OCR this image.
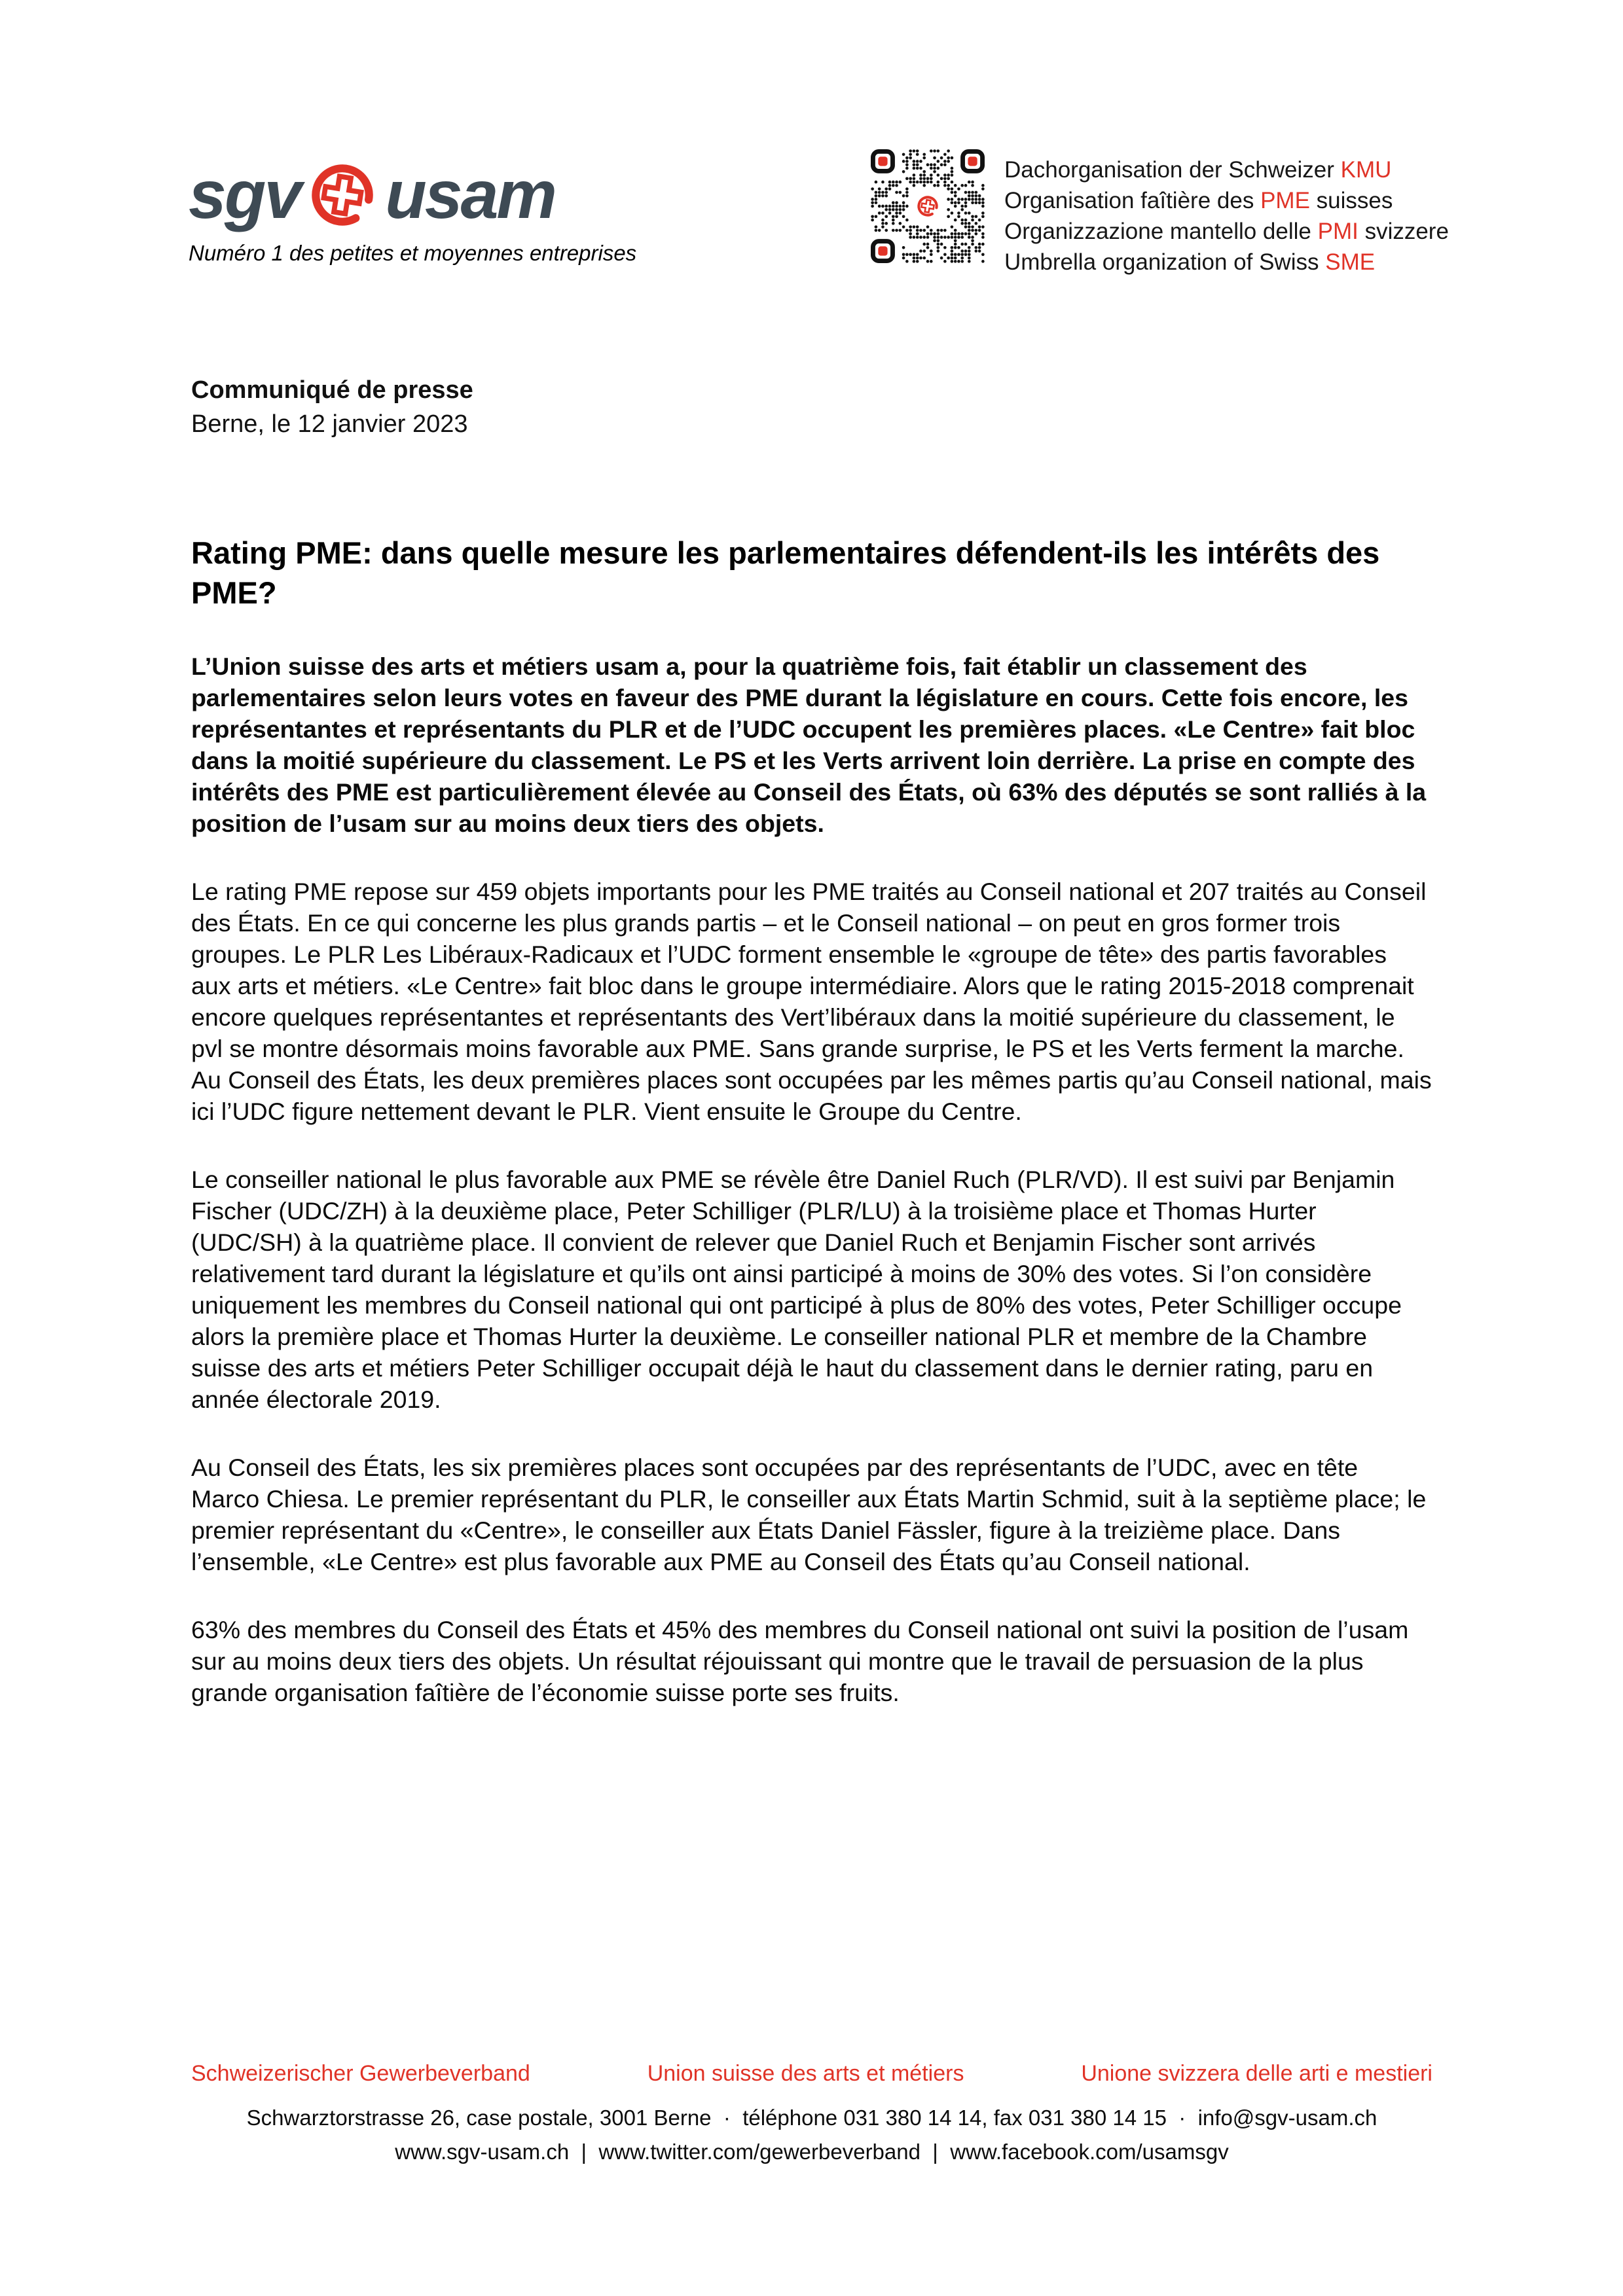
sgv usam
Numéro 1 des petites et moyennes entreprises
Dachorganisation der Schweizer KMU
Organisation faîtière des PME suisses
Organizzazione mantello delle PMI svizzere
Umbrella organization of Swiss SME
Communiqué de presse
Berne, le 12 janvier 2023
Rating PME: dans quelle mesure les parlementaires défendent-ils les intérêts des PME?

L’Union suisse des arts et métiers usam a, pour la quatrième fois, fait établir un classement des parlementaires selon leurs votes en faveur des PME durant la législature en cours. Cette fois encore, les représentantes et représentants du PLR et de l’UDC occupent les premières places. «Le Centre» fait bloc dans la moitié supérieure du classement. Le PS et les Verts arrivent loin derrière. La prise en compte des intérêts des PME est particulièrement élevée au Conseil des États, où 63% des députés se sont ralliés à la position de l’usam sur au moins deux tiers des objets.

Le rating PME repose sur 459 objets importants pour les PME traités au Conseil national et 207 traités au Conseil des États. En ce qui concerne les plus grands partis – et le Conseil national – on peut en gros former trois groupes. Le PLR Les Libéraux-Radicaux et l’UDC forment ensemble le «groupe de tête» des partis favorables aux arts et métiers. «Le Centre» fait bloc dans le groupe intermédiaire. Alors que le rating 2015-2018 comprenait encore quelques représentantes et représentants des Vert’libéraux dans la moitié supérieure du classement, le pvl se montre désormais moins favorable aux PME. Sans grande surprise, le PS et les Verts ferment la marche. Au Conseil des États, les deux premières places sont occupées par les mêmes partis qu’au Conseil national, mais ici l’UDC figure nettement devant le PLR. Vient ensuite le Groupe du Centre.

Le conseiller national le plus favorable aux PME se révèle être Daniel Ruch (PLR/VD). Il est suivi par Benjamin Fischer (UDC/ZH) à la deuxième place, Peter Schilliger (PLR/LU) à la troisième place et Thomas Hurter (UDC/SH) à la quatrième place. Il convient de relever que Daniel Ruch et Benjamin Fischer sont arrivés relativement tard durant la législature et qu’ils ont ainsi participé à moins de 30% des votes. Si l’on considère uniquement les membres du Conseil national qui ont participé à plus de 80% des votes, Peter Schilliger occupe alors la première place et Thomas Hurter la deuxième. Le conseiller national PLR et membre de la Chambre suisse des arts et métiers Peter Schilliger occupait déjà le haut du classement dans le dernier rating, paru en année électorale 2019.

Au Conseil des États, les six premières places sont occupées par des représentants de l’UDC, avec en tête Marco Chiesa. Le premier représentant du PLR, le conseiller aux États Martin Schmid, suit à la septième place; le premier représentant du «Centre», le conseiller aux États Daniel Fässler, figure à la treizième place. Dans l’ensemble, «Le Centre» est plus favorable aux PME au Conseil des États qu’au Conseil national.

63% des membres du Conseil des États et 45% des membres du Conseil national ont suivi la position de l’usam sur au moins deux tiers des objets. Un résultat réjouissant qui montre que le travail de persuasion de la plus grande organisation faîtière de l’économie suisse porte ses fruits.

Schweizerischer Gewerbeverband	Union suisse des arts et métiers	Unione svizzera delle arti e mestieri
Schwarztorstrasse 26, case postale, 3001 Berne  ·  téléphone 031 380 14 14, fax 031 380 14 15  ·  info@sgv-usam.ch
www.sgv-usam.ch  |  www.twitter.com/gewerbeverband  |  www.facebook.com/usamsgv
